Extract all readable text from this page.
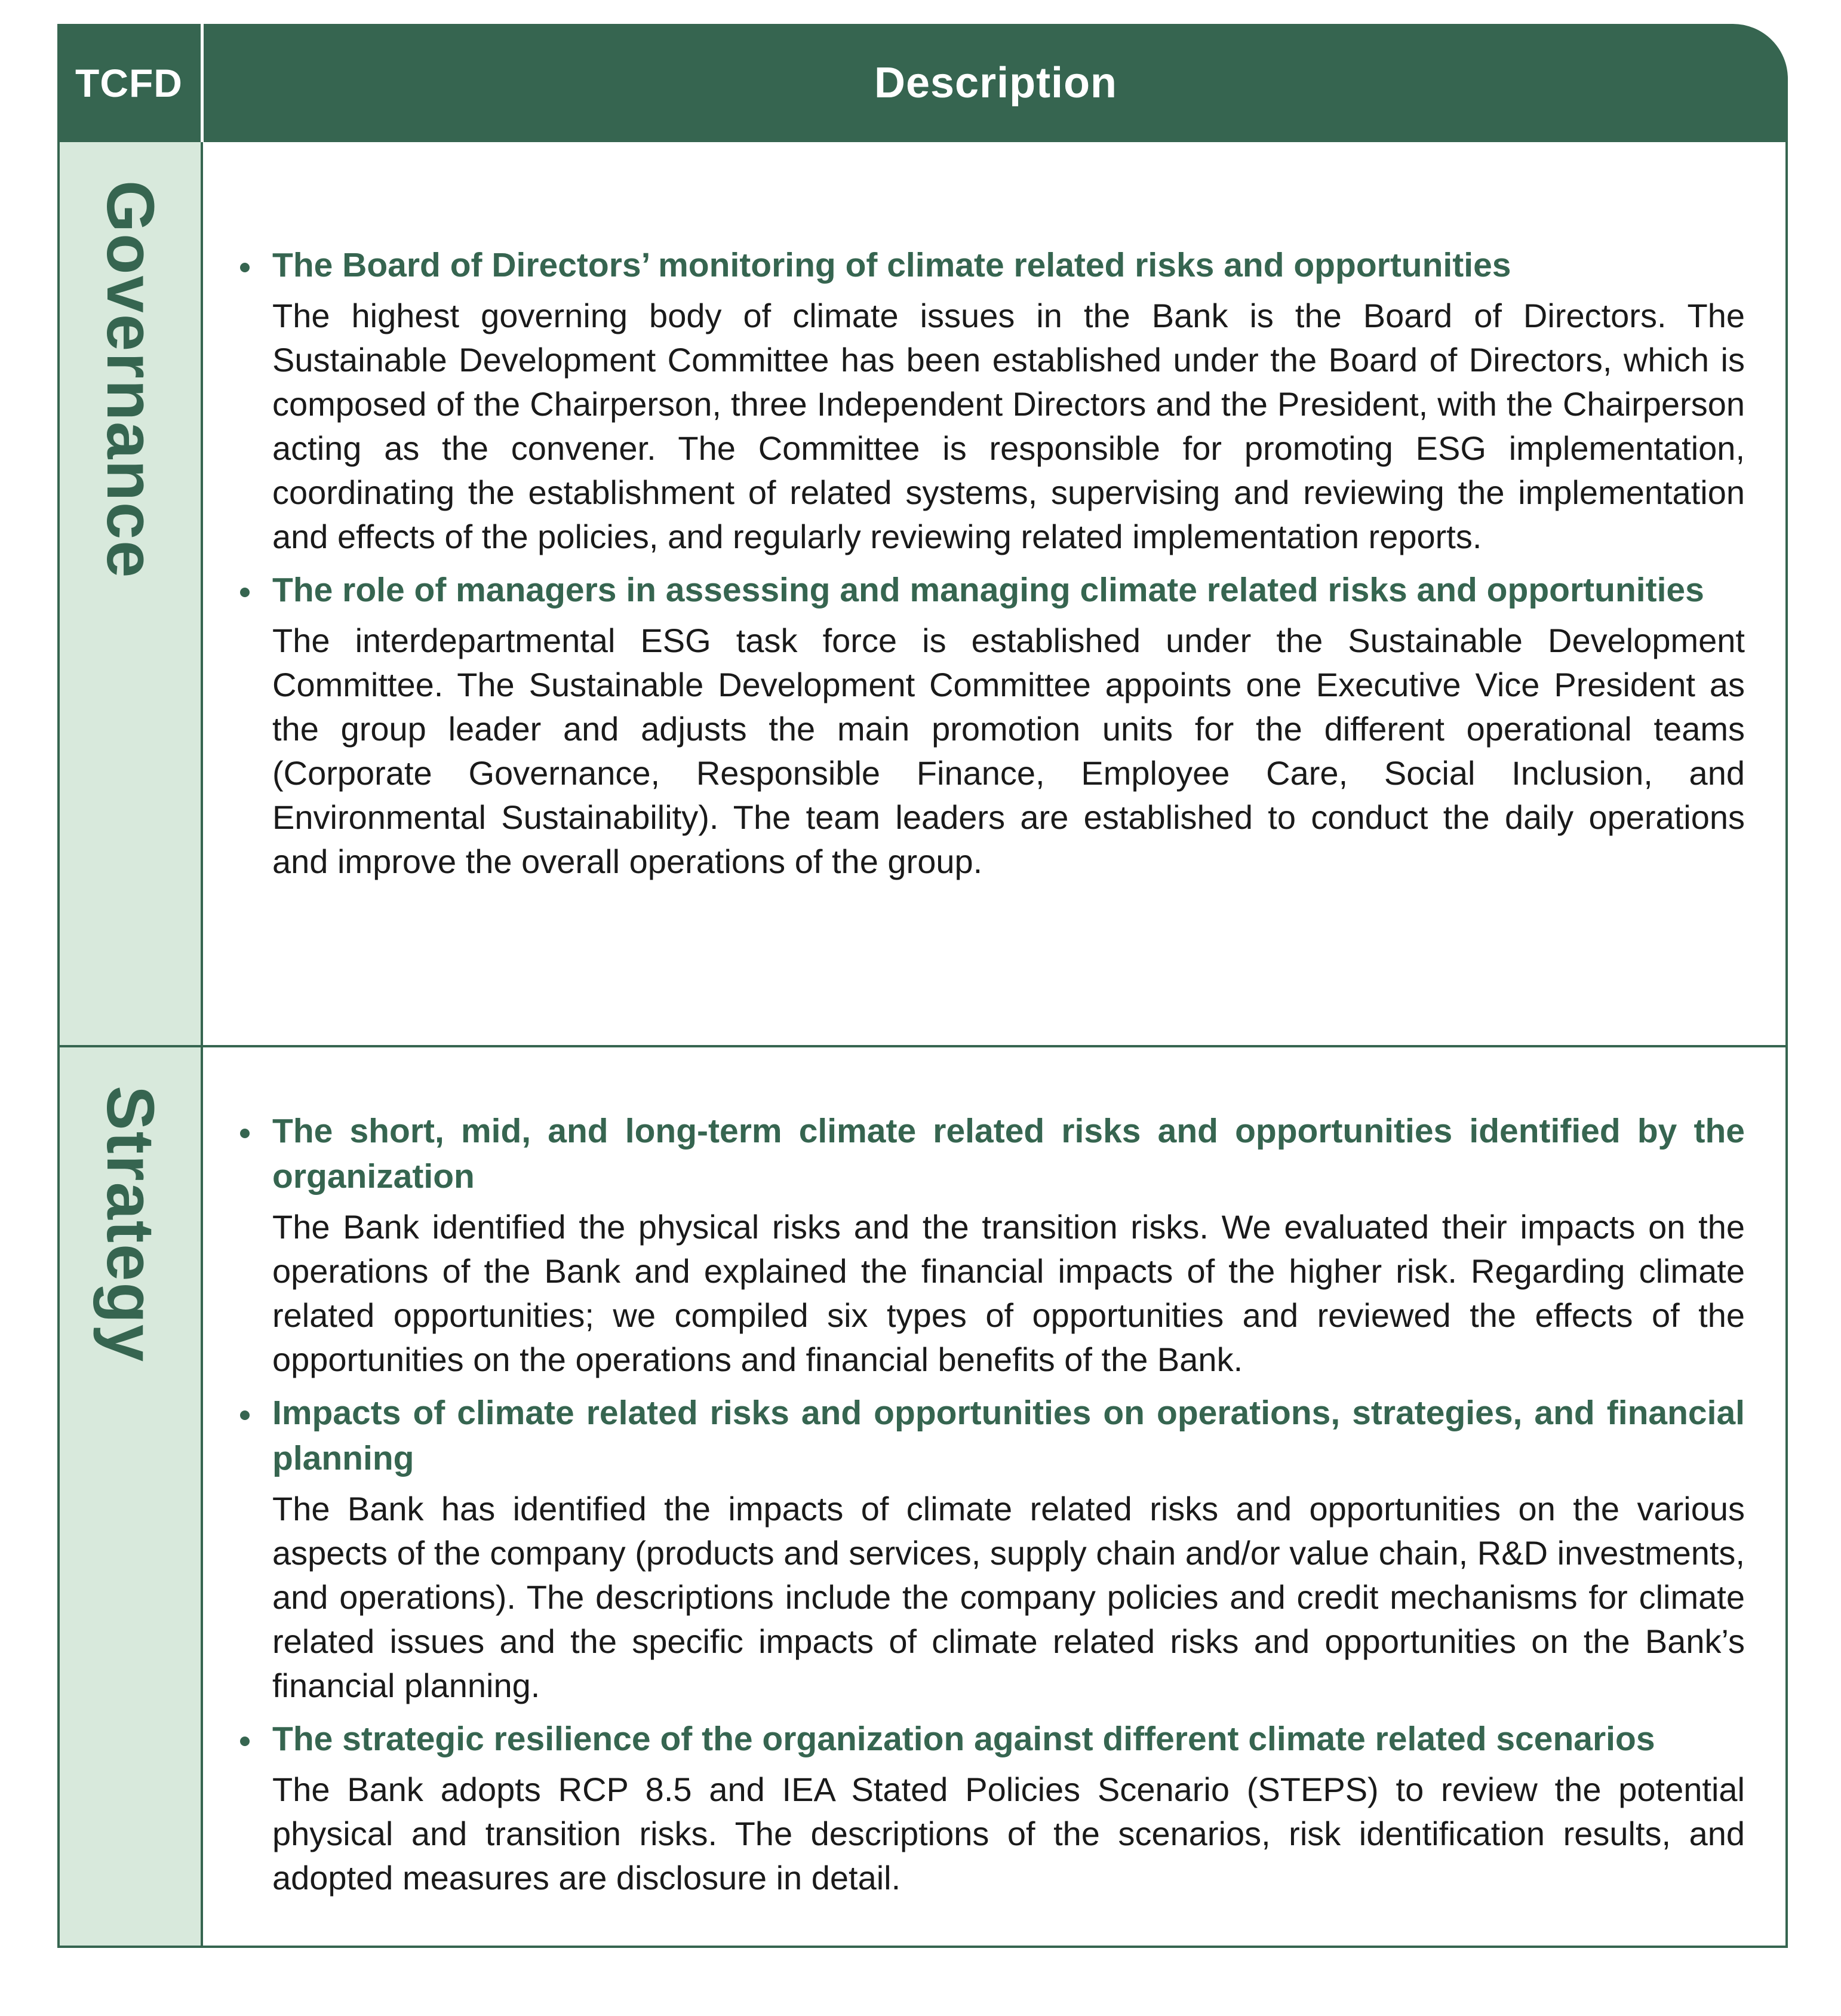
TCFD	Description
Governance	The Board of Directors’ monitoring of climate related risks and opportunities
The highest governing body of climate issues in the Bank is the Board of Directors. The Sustainable Development Committee has been established under the Board of Directors, which is composed of the Chairperson, three Independent Directors and the President, with the Chairperson acting as the convener. The Committee is responsible for promoting ESG implementation, coordinating the establishment of related systems, supervising and reviewing the implementation and effects of the policies, and regularly reviewing related implementation reports.
The role of managers in assessing and managing climate related risks and opportunities
The interdepartmental ESG task force is established under the Sustainable Development Committee. The Sustainable Development Committee appoints one Executive Vice President as the group leader and adjusts the main promotion units for the different operational teams (Corporate Governance, Responsible Finance, Employee Care, Social Inclusion, and Environmental Sustainability). The team leaders are established to conduct the daily operations and improve the overall operations of the group.
Strategy	The short, mid, and long-term climate related risks and opportunities identified by the organization
The Bank identified the physical risks and the transition risks. We evaluated their impacts on the operations of the Bank and explained the financial impacts of the higher risk. Regarding climate related opportunities; we compiled six types of opportunities and reviewed the effects of the opportunities on the operations and financial benefits of the Bank.
Impacts of climate related risks and opportunities on operations, strategies, and financial planning
The Bank has identified the impacts of climate related risks and opportunities on the various aspects of the company (products and services, supply chain and/or value chain, R&D investments, and operations). The descriptions include the company policies and credit mechanisms for climate related issues and the specific impacts of climate related risks and opportunities on the Bank’s financial planning.
The strategic resilience of the organization against different climate related scenarios
The Bank adopts RCP 8.5 and IEA Stated Policies Scenario (STEPS) to review the potential physical and transition risks. The descriptions of the scenarios, risk identification results, and adopted measures are disclosure in detail.
